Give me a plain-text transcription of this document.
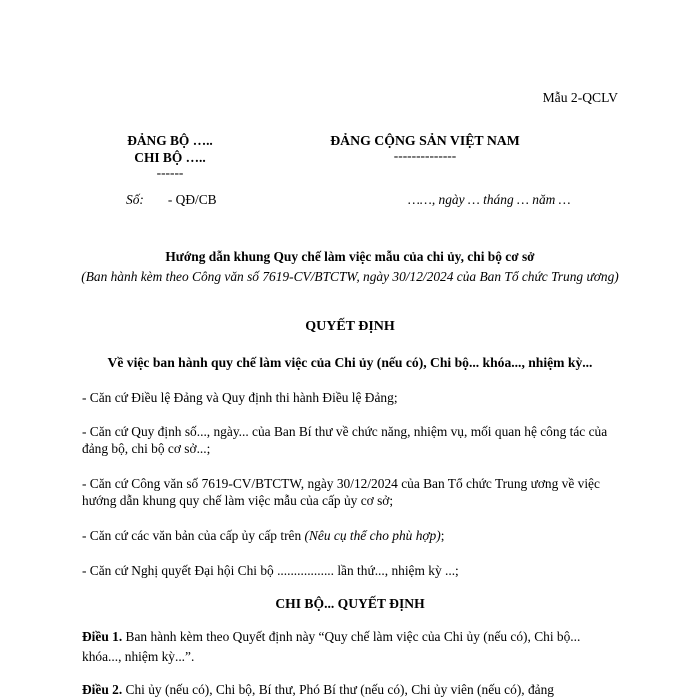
Mẫu 2-QCLV
ĐẢNG BỘ …..
CHI BỘ …..
------
ĐẢNG CỘNG SẢN VIỆT NAM
--------------
Số: - QĐ/CB	……, ngày … tháng … năm …
Hướng dẫn khung Quy chế làm việc mẫu của chi ủy, chi bộ cơ sở
(Ban hành kèm theo Công văn số 7619-CV/BTCTW, ngày 30/12/2024 của Ban Tổ chức Trung ương)
QUYẾT ĐỊNH
Về việc ban hành quy chế làm việc của Chi ủy (nếu có), Chi bộ... khóa..., nhiệm kỳ...
- Căn cứ Điều lệ Đảng và Quy định thi hành Điều lệ Đảng;
- Căn cứ Quy định số..., ngày... của Ban Bí thư về chức năng, nhiệm vụ, mối quan hệ công tác của đảng bộ, chi bộ cơ sở...;
- Căn cứ Công văn số 7619-CV/BTCTW, ngày 30/12/2024 của Ban Tổ chức Trung ương về việc hướng dẫn khung quy chế làm việc mẫu của cấp ủy cơ sở;
- Căn cứ các văn bản của cấp ủy cấp trên (Nêu cụ thể cho phù hợp);
- Căn cứ Nghị quyết Đại hội Chi bộ ................. lần thứ..., nhiệm kỳ ...;
CHI BỘ... QUYẾT ĐỊNH
Điều 1. Ban hành kèm theo Quyết định này “Quy chế làm việc của Chi ủy (nếu có), Chi bộ... khóa..., nhiệm kỳ...”.
Điều 2. Chi ủy (nếu có), Chi bộ, Bí thư, Phó Bí thư (nếu có), Chi ủy viên (nếu có), đảng
